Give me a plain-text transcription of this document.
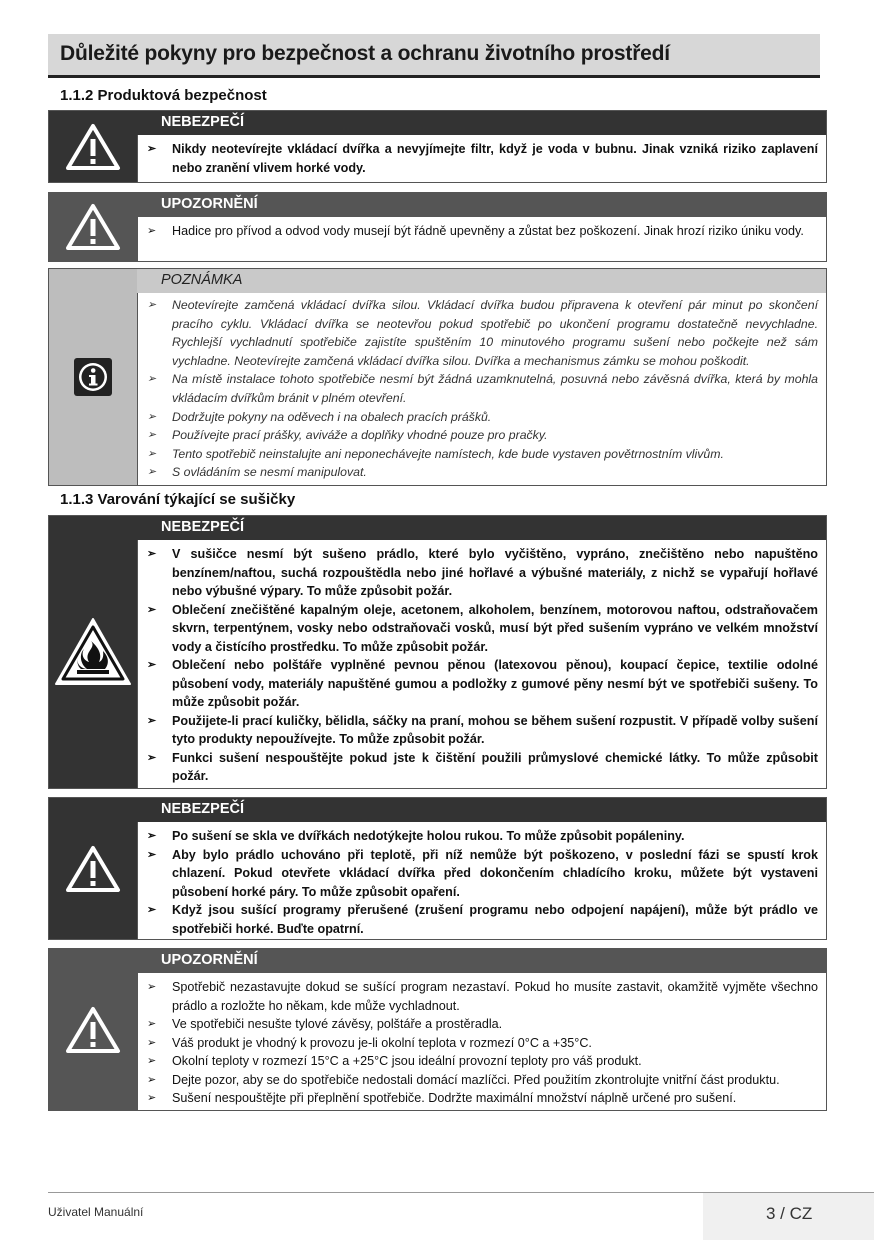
Důležité pokyny pro bezpečnost a ochranu životního prostředí
1.1.2 Produktová bezpečnost
NEBEZPEČÍ
➢ Nikdy neotevírejte vkládací dvířka a nevyjímejte filtr, když je voda v bubnu. Jinak vzniká riziko zaplavení nebo zranění vlivem horké vody.
UPOZORNĚNÍ
➢ Hadice pro přívod a odvod vody musejí být řádně upevněny a zůstat bez poškození. Jinak hrozí riziko úniku vody.
POZNÁMKA
➢ Neotevírejte zamčená vkládací dvířka silou. Vkládací dvířka budou připravena k otevření pár minut po skončení pracího cyklu. Vkládací dvířka se neotevřou pokud spotřebič po ukončení programu dostatečně nevychladne. Rychlejší vychladnutí spotřebiče zajistíte spuštěním 10 minutového programu sušení nebo počkejte než sám vychladne. Neotevírejte zamčená vkládací dvířka silou. Dvířka a mechanismus zámku se mohou poškodit.
➢ Na místě instalace tohoto spotřebiče nesmí být žádná uzamknutelná, posuvná nebo závěsná dvířka, která by mohla vkládacím dvířkům bránit v plném otevření.
➢ Dodržujte pokyny na oděvech i na obalech pracích prášků.
➢ Používejte prací prášky, aviváže a doplňky vhodné pouze pro pračky.
➢ Tento spotřebič neinstalujte ani neponechávejte namístech, kde bude vystaven povětrnostním vlivům.
➢ S ovládáním se nesmí manipulovat.
1.1.3 Varování týkající se sušičky
NEBEZPEČÍ
➢ V sušičce nesmí být sušeno prádlo, které bylo vyčištěno, vypráno, znečištěno nebo napuštěno benzínem/naftou, suchá rozpouštědla nebo jiné hořlavé a výbušné materiály, z nichž se vypařují hořlavé nebo výbušné výpary. To může způsobit požár.
➢ Oblečení znečištěné kapalným oleje, acetonem, alkoholem, benzínem, motorovou naftou, odstraňovačem skvrn, terpentýnem, vosky nebo odstraňovači vosků, musí být před sušením vypráno ve velkém množství vody a čistícího prostředku. To může způsobit požár.
➢ Oblečení nebo polštáře vyplněné pevnou pěnou (latexovou pěnou), koupací čepice, textilie odolné působení vody, materiály napuštěné gumou a podložky z gumové pěny nesmí být ve spotřebiči sušeny. To může způsobit požár.
➢ Použijete-li prací kuličky, bělidla, sáčky na praní, mohou se během sušení rozpustit. V případě volby sušení tyto produkty nepoužívejte. To může způsobit požár.
➢ Funkci sušení nespouštějte pokud jste k čištění použili průmyslové chemické látky. To může způsobit požár.
NEBEZPEČÍ
➢ Po sušení se skla ve dvířkách nedotýkejte holou rukou. To může způsobit popáleniny.
➢ Aby bylo prádlo uchováno při teplotě, při níž nemůže být poškozeno, v poslední fázi se spustí krok chlazení. Pokud otevřete vkládací dvířka před dokončením chladícího kroku, můžete být vystaveni působení horké páry. To může způsobit opaření.
➢ Když jsou sušící programy přerušené (zrušení programu nebo odpojení napájení), může být prádlo ve spotřebiči horké. Buďte opatrní.
UPOZORNĚNÍ
➢ Spotřebič nezastavujte dokud se sušící program nezastaví. Pokud ho musíte zastavit, okamžitě vyjměte všechno prádlo a rozložte ho někam, kde může vychladnout.
➢ Ve spotřebiči nesušte tylové závěsy, polštáře a prostěradla.
➢ Váš produkt je vhodný k provozu je-li okolní teplota v rozmezí 0°C a +35°C.
➢ Okolní teploty v rozmezí 15°C a +25°C jsou ideální provozní teploty pro váš produkt.
➢ Dejte pozor, aby se do spotřebiče nedostali domácí mazlíčci. Před použitím zkontrolujte vnitřní část produktu.
➢ Sušení nespouštějte při přeplnění spotřebiče. Dodržte maximální množství náplně určené pro sušení.
Uživatel Manuální	3 / CZ
